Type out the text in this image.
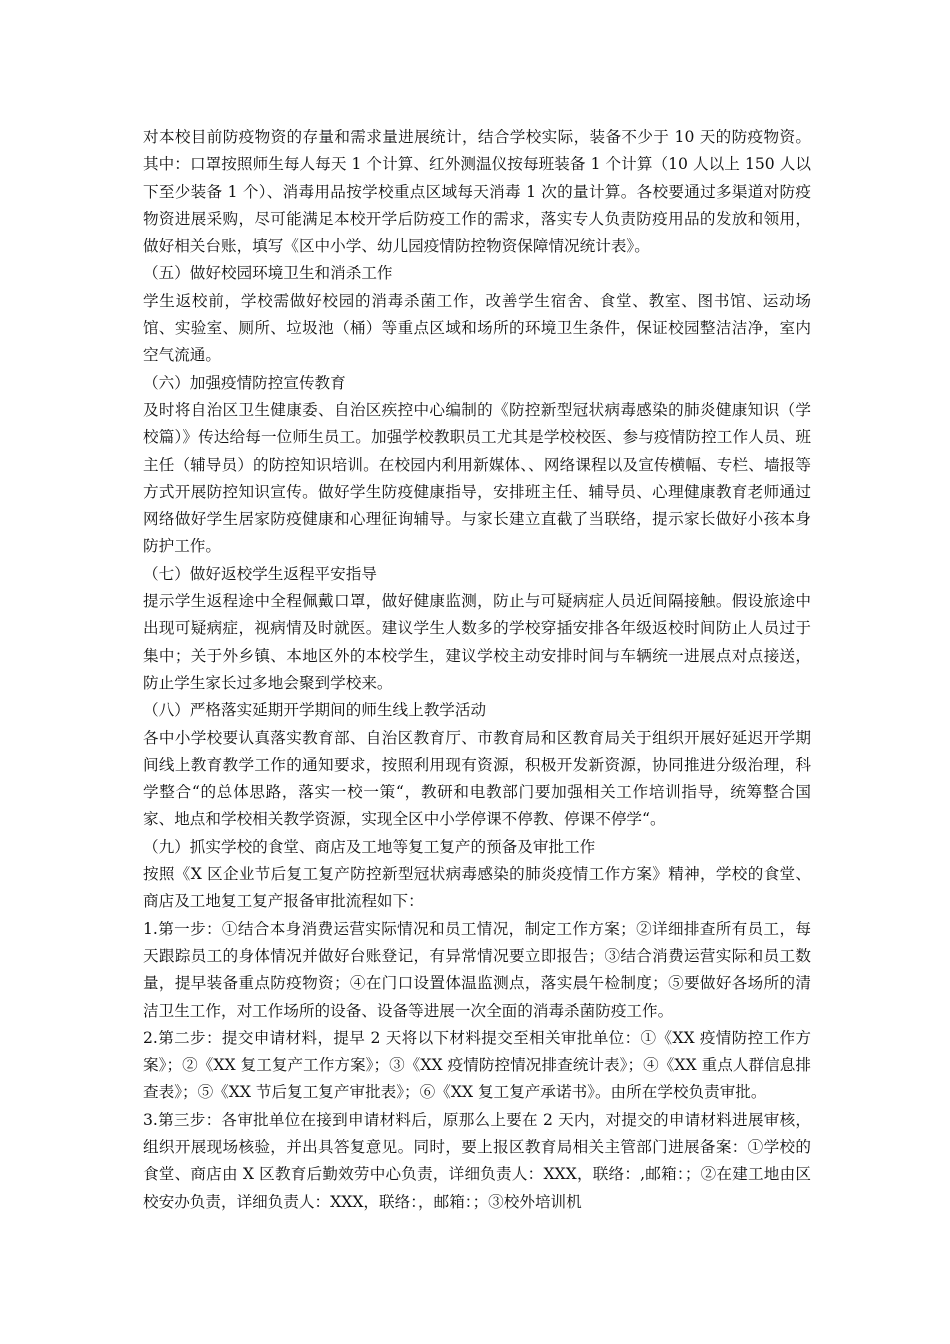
对本校目前防疫物资的存量和需求量进展统计，结合学校实际，装备不少于 10 天的防疫物资。其中：口罩按照师生每人每天 1 个计算、红外测温仪按每班装备 1 个计算（10 人以上 150 人以下至少装备 1 个）、消毒用品按学校重点区域每天消毒 1 次的量计算。各校要通过多渠道对防疫物资进展采购，尽可能满足本校开学后防疫工作的需求，落实专人负责防疫用品的发放和领用，做好相关台账，填写《区中小学、幼儿园疫情防控物资保障情况统计表》。

（五）做好校园环境卫生和消杀工作

学生返校前，学校需做好校园的消毒杀菌工作，改善学生宿舍、食堂、教室、图书馆、运动场馆、实验室、厕所、垃圾池（桶）等重点区域和场所的环境卫生条件，保证校园整洁洁净，室内空气流通。

（六）加强疫情防控宣传教育

及时将自治区卫生健康委、自治区疾控中心编制的《防控新型冠状病毒感染的肺炎健康知识（学校篇）》传达给每一位师生员工。加强学校教职员工尤其是学校校医、参与疫情防控工作人员、班主任（辅导员）的防控知识培训。在校园内利用新媒体、、网络课程以及宣传横幅、专栏、墙报等方式开展防控知识宣传。做好学生防疫健康指导，安排班主任、辅导员、心理健康教育老师通过网络做好学生居家防疫健康和心理征询辅导。与家长建立直截了当联络，提示家长做好小孩本身防护工作。

（七）做好返校学生返程平安指导

提示学生返程途中全程佩戴口罩，做好健康监测，防止与可疑病症人员近间隔接触。假设旅途中出现可疑病症，视病情及时就医。建议学生人数多的学校穿插安排各年级返校时间防止人员过于集中；关于外乡镇、本地区外的本校学生，建议学校主动安排时间与车辆统一进展点对点接送，防止学生家长过多地会聚到学校来。

（八）严格落实延期开学期间的师生线上教学活动

各中小学校要认真落实教育部、自治区教育厅、市教育局和区教育局关于组织开展好延迟开学期间线上教育教学工作的通知要求，按照利用现有资源，积极开发新资源，协同推进分级治理，科学整合“的总体思路，落实一校一策“，教研和电教部门要加强相关工作培训指导，统筹整合国家、地点和学校相关教学资源，实现全区中小学停课不停教、停课不停学“。

（九）抓实学校的食堂、商店及工地等复工复产的预备及审批工作

按照《X 区企业节后复工复产防控新型冠状病毒感染的肺炎疫情工作方案》精神，学校的食堂、商店及工地复工复产报备审批流程如下：

1.第一步：①结合本身消费运营实际情况和员工情况，制定工作方案；②详细排查所有员工，每天跟踪员工的身体情况并做好台账登记，有异常情况要立即报告；③结合消费运营实际和员工数量，提早装备重点防疫物资；④在门口设置体温监测点，落实晨午检制度；⑤要做好各场所的清洁卫生工作，对工作场所的设备、设备等进展一次全面的消毒杀菌防疫工作。

2.第二步：提交申请材料，提早 2 天将以下材料提交至相关审批单位：①《XX 疫情防控工作方案》；②《XX 复工复产工作方案》；③《XX 疫情防控情况排查统计表》；④《XX 重点人群信息排查表》；⑤《XX 节后复工复产审批表》；⑥《XX 复工复产承诺书》。由所在学校负责审批。

3.第三步：各审批单位在接到申请材料后，原那么上要在 2 天内，对提交的申请材料进展审核，组织开展现场核验，并出具答复意见。同时，要上报区教育局相关主管部门进展备案：①学校的食堂、商店由 X 区教育后勤效劳中心负责，详细负责人：XXX，联络：,邮箱：；②在建工地由区校安办负责，详细负责人：XXX，联络：，邮箱：；③校外培训机
